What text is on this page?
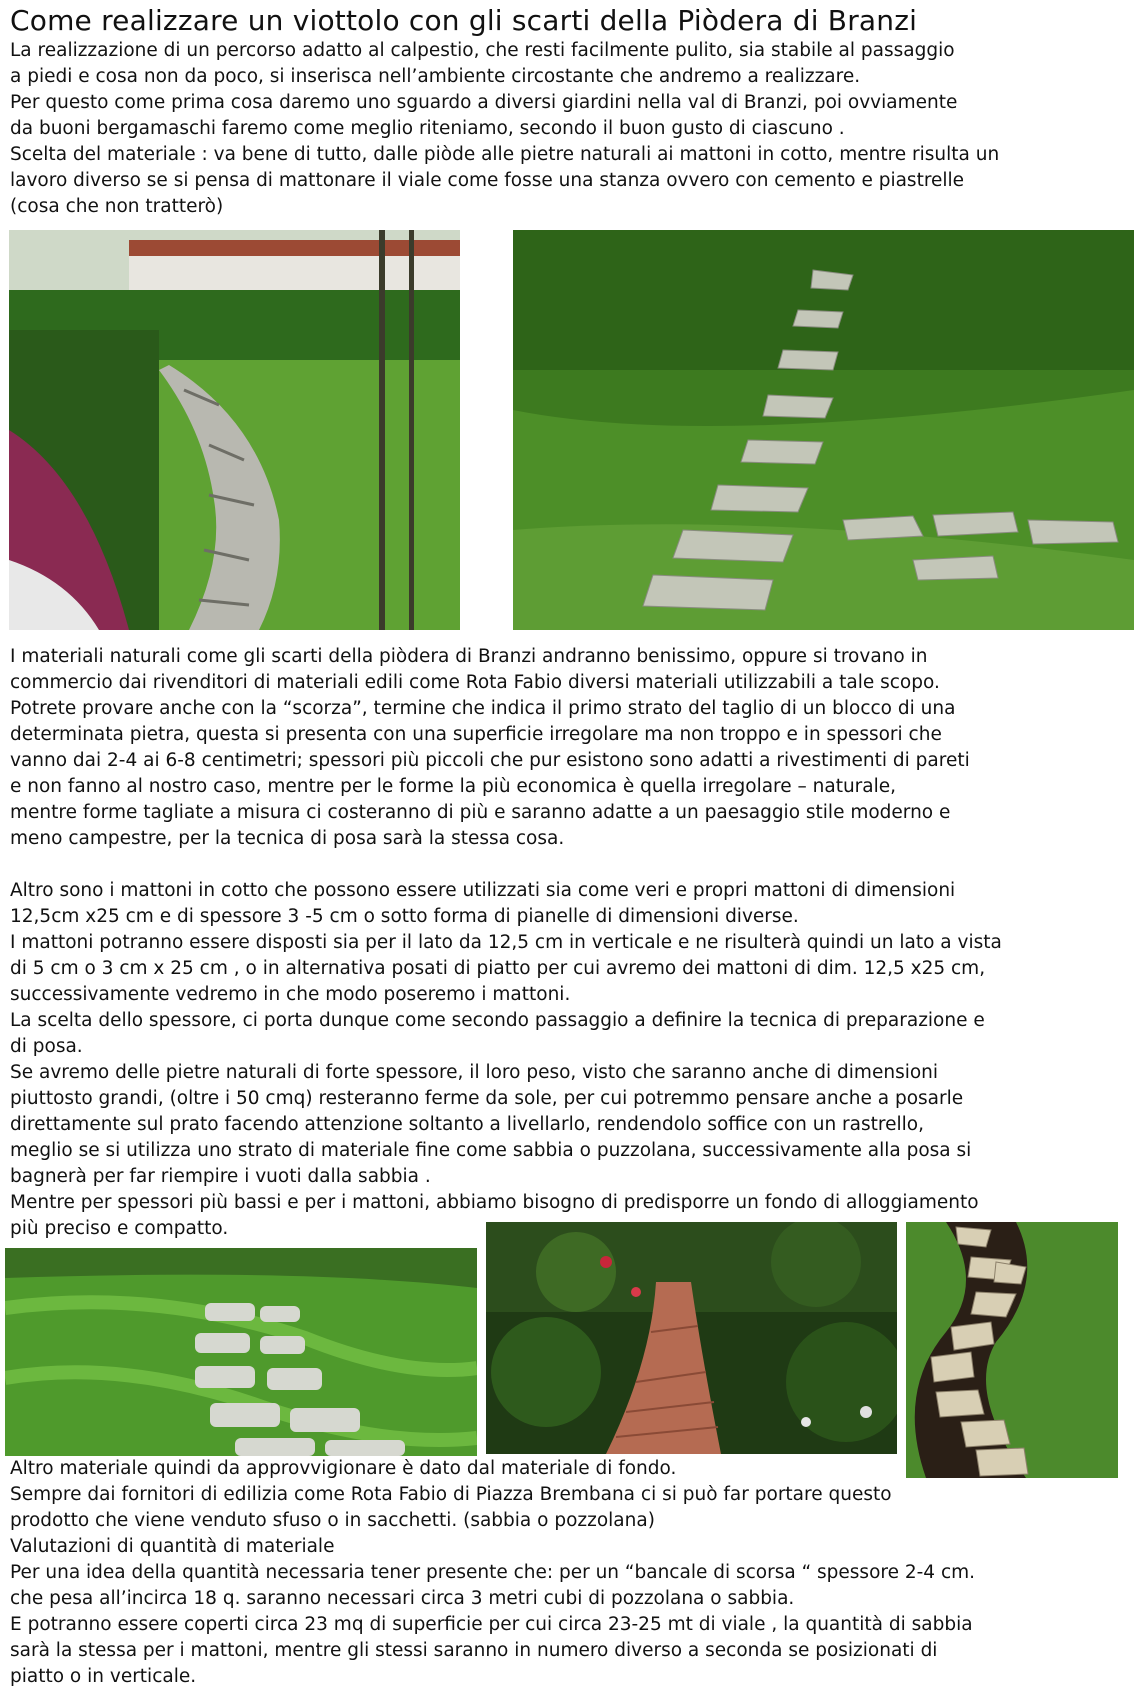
Come realizzare un viottolo con gli scarti della Piòdera di Branzi
La realizzazione di un percorso adatto al calpestio, che resti facilmente pulito, sia stabile al passaggio
a piedi e cosa non da poco, si inserisca nell’ambiente circostante che andremo a realizzare.
Per questo come prima cosa daremo uno sguardo a diversi giardini nella val di Branzi, poi ovviamente
da buoni bergamaschi faremo come meglio riteniamo, secondo il buon gusto di ciascuno .
Scelta del materiale : va bene di tutto, dalle piòde alle pietre naturali ai mattoni in cotto, mentre risulta un
lavoro diverso se si pensa di mattonare il viale come fosse una stanza ovvero con cemento e piastrelle
(cosa che non tratterò)
I materiali naturali come gli scarti della piòdera di Branzi andranno benissimo, oppure si trovano in
commercio dai rivenditori di materiali edili come Rota Fabio diversi materiali utilizzabili a tale scopo.
Potrete provare anche con la “scorza”, termine che indica il primo strato del taglio di un blocco di una
determinata pietra, questa si presenta con una superficie irregolare ma non troppo e in spessori che
vanno dai 2-4 ai 6-8 centimetri; spessori più piccoli che pur esistono sono adatti a rivestimenti di pareti
e non fanno al nostro caso, mentre per le forme la più economica è quella irregolare – naturale,
mentre forme tagliate a misura ci costeranno di più e saranno adatte a un paesaggio stile moderno e
meno campestre, per la tecnica di posa sarà la stessa cosa.
Altro sono i mattoni in cotto che possono essere utilizzati sia come veri e propri mattoni di dimensioni
12,5cm x25 cm e di spessore 3 -5 cm o sotto forma di pianelle di dimensioni diverse.
I mattoni potranno essere disposti sia per il lato da 12,5 cm in verticale e ne risulterà quindi un lato a vista
di 5 cm o 3 cm x 25 cm , o in alternativa posati di piatto per cui avremo dei mattoni di dim. 12,5 x25 cm,
successivamente vedremo in che modo poseremo i mattoni.
La scelta dello spessore, ci porta dunque come secondo passaggio a definire la tecnica di preparazione e
di posa.
Se avremo delle pietre naturali di forte spessore, il loro peso, visto che saranno anche di dimensioni
piuttosto grandi, (oltre i 50 cmq) resteranno ferme da sole, per cui potremmo pensare anche a posarle
direttamente sul prato facendo attenzione soltanto a livellarlo, rendendolo soffice con un rastrello,
meglio se si utilizza uno strato di materiale fine come sabbia o puzzolana, successivamente alla posa si
bagnerà per far riempire i vuoti dalla sabbia .
Mentre per spessori più bassi e per i mattoni, abbiamo bisogno di predisporre un fondo di alloggiamento
più preciso e compatto.
Altro materiale quindi da approvvigionare è dato dal materiale di fondo.
Sempre dai fornitori di edilizia come Rota Fabio di Piazza Brembana ci si può far portare questo
prodotto che viene venduto sfuso o in sacchetti. (sabbia o pozzolana)
Valutazioni di quantità di materiale
Per una idea della quantità necessaria tener presente che: per un “bancale di scorsa “ spessore 2-4 cm.
che pesa all’incirca 18 q. saranno necessari circa 3 metri cubi di pozzolana o sabbia.
E potranno essere coperti circa 23 mq di superficie per cui circa 23-25 mt di viale , la quantità di sabbia
sarà la stessa per i mattoni, mentre gli stessi saranno in numero diverso a seconda se posizionati di
piatto o in verticale.
